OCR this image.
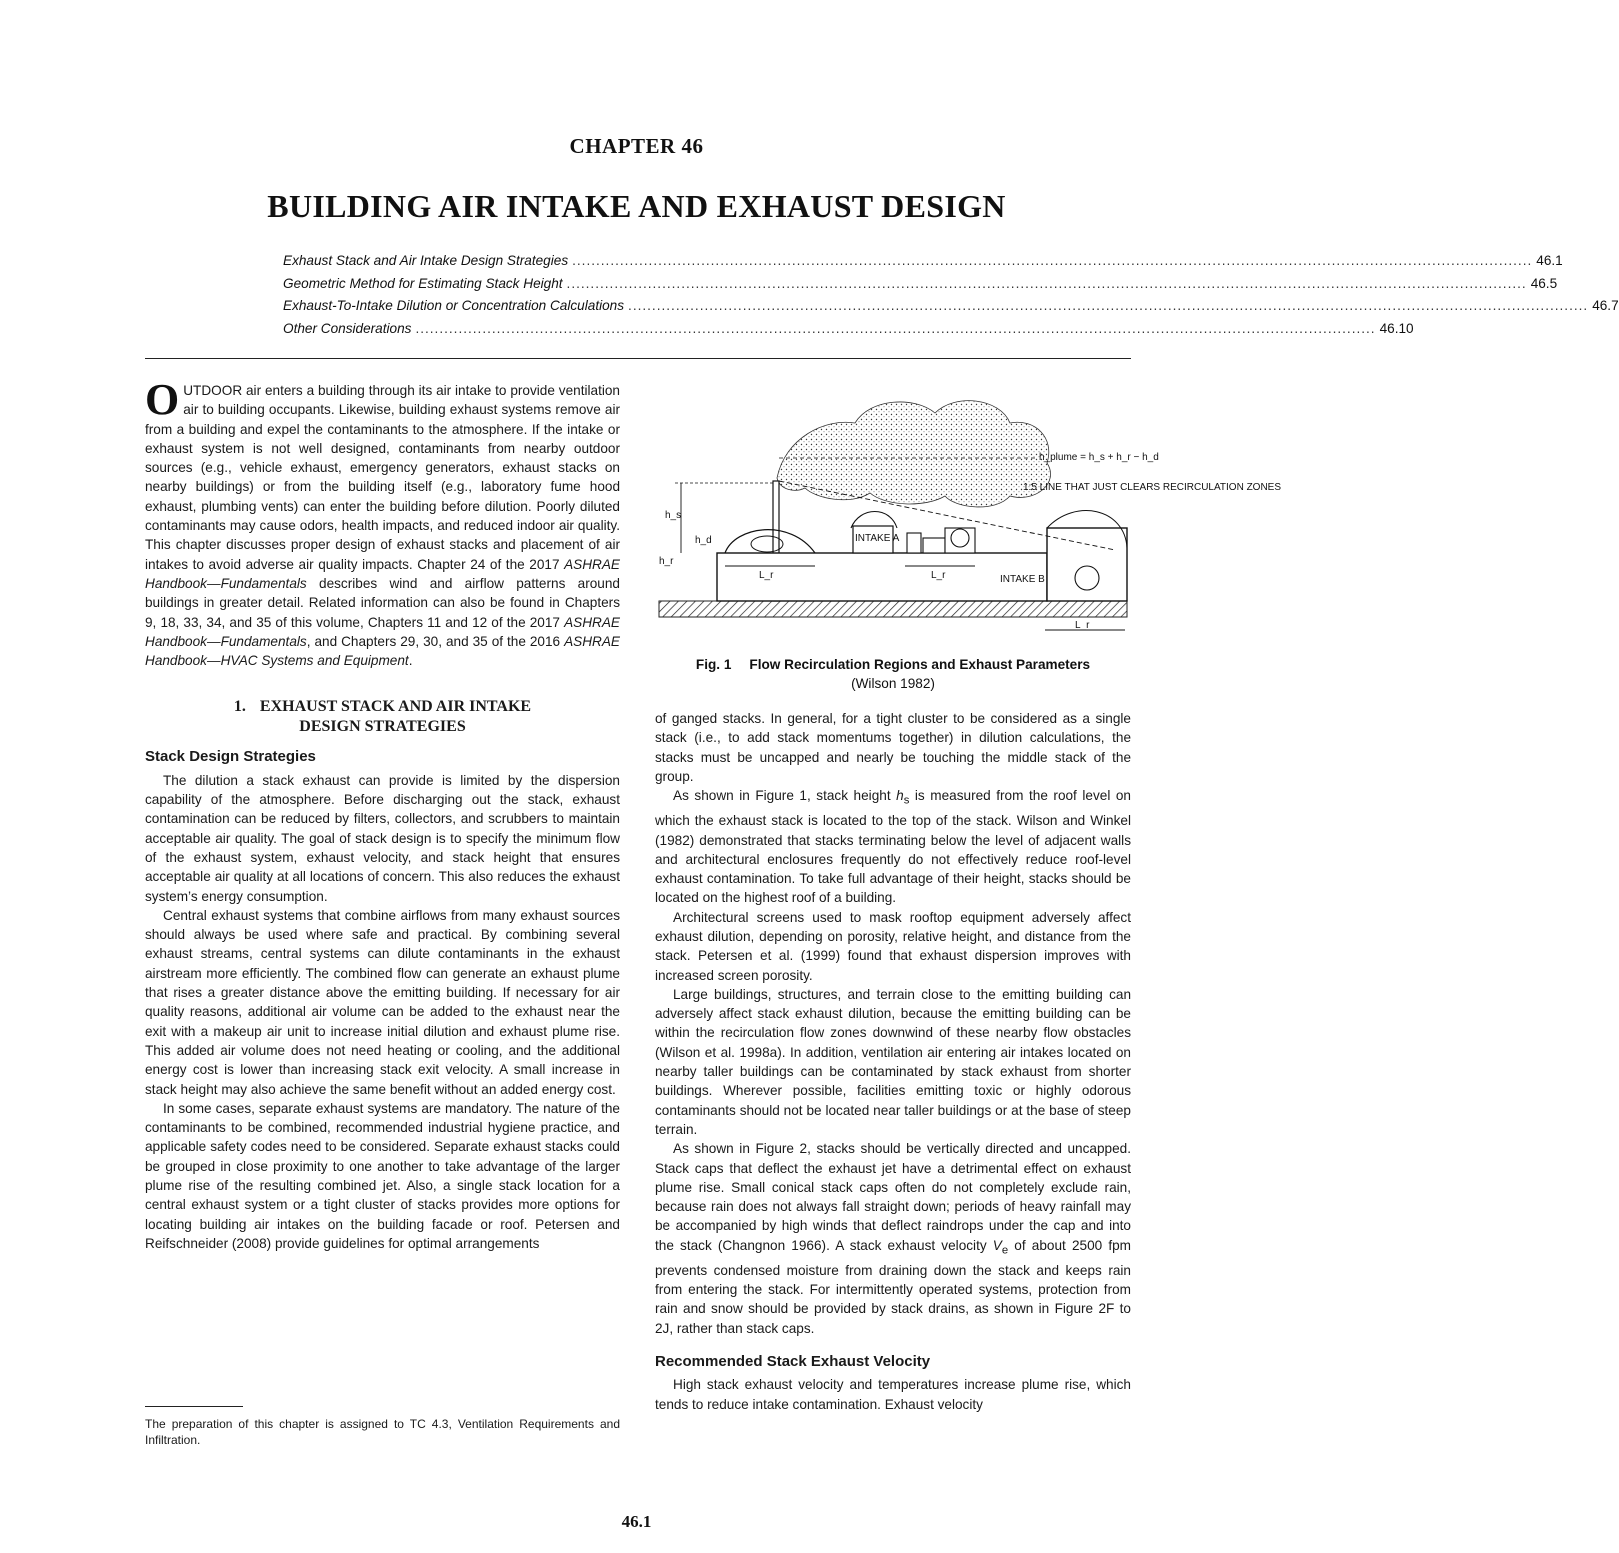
CHAPTER 46
BUILDING AIR INTAKE AND EXHAUST DESIGN
Exhaust Stack and Air Intake Design Strategies .....	46.1
Geometric Method for Estimating Stack Height .....	46.5
Exhaust-To-Intake Dilution or Concentration Calculations .....	46.7
Other Considerations .....	46.10

OUTDOOR air enters a building through its air intake to provide ventilation air to building occupants. Likewise, building exhaust systems remove air from a building and expel the contaminants to the atmosphere. If the intake or exhaust system is not well designed, contaminants from nearby outdoor sources (e.g., vehicle exhaust, emergency generators, exhaust stacks on nearby buildings) or from the building itself (e.g., laboratory fume hood exhaust, plumbing vents) can enter the building before dilution. Poorly diluted contaminants may cause odors, health impacts, and reduced indoor air quality. This chapter discusses proper design of exhaust stacks and placement of air intakes to avoid adverse air quality impacts. Chapter 24 of the 2017 ASHRAE Handbook—Fundamentals describes wind and airflow patterns around buildings in greater detail. Related information can also be found in Chapters 9, 18, 33, 34, and 35 of this volume, Chapters 11 and 12 of the 2017 ASHRAE Handbook—Fundamentals, and Chapters 29, 30, and 35 of the 2016 ASHRAE Handbook—HVAC Systems and Equipment.

1. EXHAUST STACK AND AIR INTAKE
DESIGN STRATEGIES
Stack Design Strategies

The dilution a stack exhaust can provide is limited by the dispersion capability of the atmosphere. Before discharging out the stack, exhaust contamination can be reduced by filters, collectors, and scrubbers to maintain acceptable air quality. The goal of stack design is to specify the minimum flow of the exhaust system, exhaust velocity, and stack height that ensures acceptable air quality at all locations of concern. This also reduces the exhaust system’s energy consumption.

Central exhaust systems that combine airflows from many exhaust sources should always be used where safe and practical. By combining several exhaust streams, central systems can dilute contaminants in the exhaust airstream more efficiently. The combined flow can generate an exhaust plume that rises a greater distance above the emitting building. If necessary for air quality reasons, additional air volume can be added to the exhaust near the exit with a makeup air unit to increase initial dilution and exhaust plume rise. This added air volume does not need heating or cooling, and the additional energy cost is lower than increasing stack exit velocity. A small increase in stack height may also achieve the same benefit without an added energy cost.

In some cases, separate exhaust systems are mandatory. The nature of the contaminants to be combined, recommended industrial hygiene practice, and applicable safety codes need to be considered. Separate exhaust stacks could be grouped in close proximity to one another to take advantage of the larger plume rise of the resulting combined jet. Also, a single stack location for a central exhaust system or a tight cluster of stacks provides more options for locating building air intakes on the building facade or roof. Petersen and Reifschneider (2008) provide guidelines for optimal arrangements

The preparation of this chapter is assigned to TC 4.3, Ventilation Requirements and Infiltration.
h_plume = h_s + h_r − h_d
1:5 LINE THAT JUST CLEARS RECIRCULATION ZONES
INTAKE A
INTAKE B
h_s
h_r
h_d
L_r	L_r
L_r
Fig. 1 Flow Recirculation Regions and Exhaust Parameters
(Wilson 1982)

of ganged stacks. In general, for a tight cluster to be considered as a single stack (i.e., to add stack momentums together) in dilution calculations, the stacks must be uncapped and nearly be touching the middle stack of the group.

As shown in Figure 1, stack height $h_s$ is measured from the roof level on which the exhaust stack is located to the top of the stack. Wilson and Winkel (1982) demonstrated that stacks terminating below the level of adjacent walls and architectural enclosures frequently do not effectively reduce roof-level exhaust contamination. To take full advantage of their height, stacks should be located on the highest roof of a building.

Architectural screens used to mask rooftop equipment adversely affect exhaust dilution, depending on porosity, relative height, and distance from the stack. Petersen et al. (1999) found that exhaust dispersion improves with increased screen porosity.

Large buildings, structures, and terrain close to the emitting building can adversely affect stack exhaust dilution, because the emitting building can be within the recirculation flow zones downwind of these nearby flow obstacles (Wilson et al. 1998a). In addition, ventilation air entering air intakes located on nearby taller buildings can be contaminated by stack exhaust from shorter buildings. Wherever possible, facilities emitting toxic or highly odorous contaminants should not be located near taller buildings or at the base of steep terrain.

As shown in Figure 2, stacks should be vertically directed and uncapped. Stack caps that deflect the exhaust jet have a detrimental effect on exhaust plume rise. Small conical stack caps often do not completely exclude rain, because rain does not always fall straight down; periods of heavy rainfall may be accompanied by high winds that deflect raindrops under the cap and into the stack (Changnon 1966). A stack exhaust velocity $V_e$ of about 2500 fpm prevents condensed moisture from draining down the stack and keeps rain from entering the stack. For intermittently operated systems, protection from rain and snow should be provided by stack drains, as shown in Figure 2F to 2J, rather than stack caps.

Recommended Stack Exhaust Velocity

High stack exhaust velocity and temperatures increase plume rise, which tends to reduce intake contamination. Exhaust velocity

46.1
